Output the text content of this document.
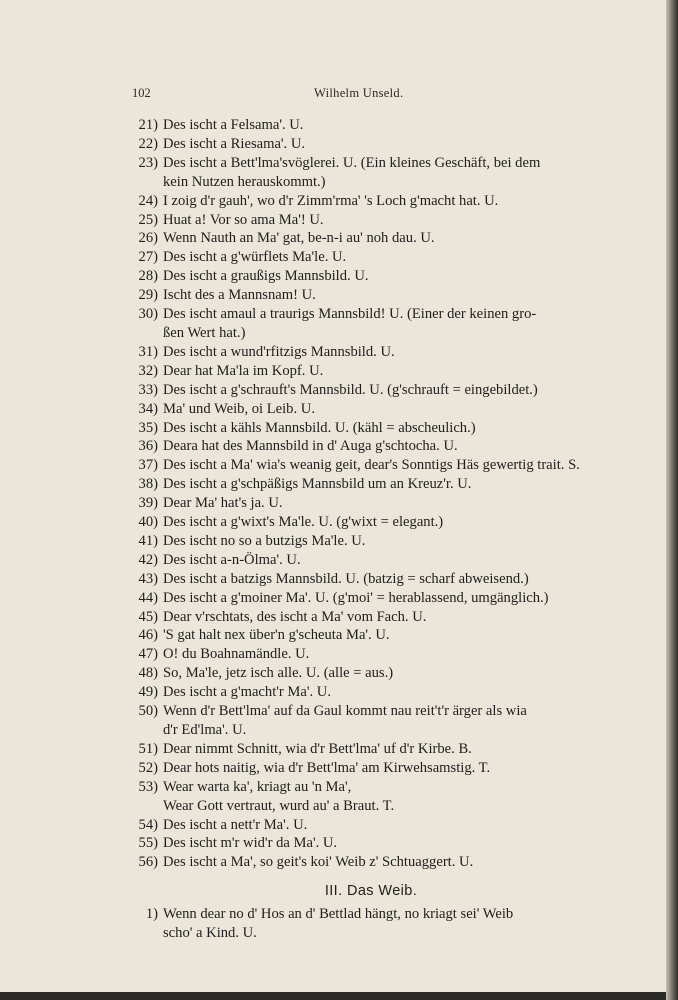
102	Wilhelm Unseld.
21) Des ischt a Felsama'. U.
22) Des ischt a Riesama'. U.
23) Des ischt a Bett'lma'svöglerei. U. (Ein kleines Geschäft, bei dem
kein Nutzen herauskommt.)
24) I zoig d'r gauh', wo d'r Zimm'rma' 's Loch g'macht hat. U.
25) Huat a! Vor so ama Ma'! U.
26) Wenn Nauth an Ma' gat, be-n-i au' noh dau. U.
27) Des ischt a g'würflets Ma'le. U.
28) Des ischt a graußigs Mannsbild. U.
29) Ischt des a Mannsnam! U.
30) Des ischt amaul a traurigs Mannsbild! U. (Einer der keinen gro-
ßen Wert hat.)
31) Des ischt a wund'rfitzigs Mannsbild. U.
32) Dear hat Ma'la im Kopf. U.
33) Des ischt a g'schrauft's Mannsbild. U. (g'schrauft = eingebildet.)
34) Ma' und Weib, oi Leib. U.
35) Des ischt a kähls Mannsbild. U. (kähl = abscheulich.)
36) Deara hat des Mannsbild in d' Auga g'schtocha. U.
37) Des ischt a Ma' wia's weanig geit, dear's Sonntigs Häs gewertig trait. S.
38) Des ischt a g'schpäßigs Mannsbild um an Kreuz'r. U.
39) Dear Ma' hat's ja. U.
40) Des ischt a g'wixt's Ma'le. U. (g'wixt = elegant.)
41) Des ischt no so a butzigs Ma'le. U.
42) Des ischt a-n-Ölma'. U.
43) Des ischt a batzigs Mannsbild. U. (batzig = scharf abweisend.)
44) Des ischt a g'moiner Ma'. U. (g'moi' = herablassend, umgänglich.)
45) Dear v'rschtats, des ischt a Ma' vom Fach. U.
46) 'S gat halt nex über'n g'scheuta Ma'. U.
47) O! du Boahnamändle. U.
48) So, Ma'le, jetz isch alle. U. (alle = aus.)
49) Des ischt a g'macht'r Ma'. U.
50) Wenn d'r Bett'lma' auf da Gaul kommt nau reit't'r ärger als wia
d'r Ed'lma'. U.
51) Dear nimmt Schnitt, wia d'r Bett'lma' uf d'r Kirbe. B.
52) Dear hots naitig, wia d'r Bett'lma' am Kirwehsamstig. T.
53) Wear warta ka', kriagt au 'n Ma',
Wear Gott vertraut, wurd au' a Braut. T.
54) Des ischt a nett'r Ma'. U.
55) Des ischt m'r wid'r da Ma'. U.
56) Des ischt a Ma', so geit's koi' Weib z' Schtuaggert. U.
III. Das Weib.
1) Wenn dear no d' Hos an d' Bettlad hängt, no kriagt sei' Weib
scho' a Kind. U.
